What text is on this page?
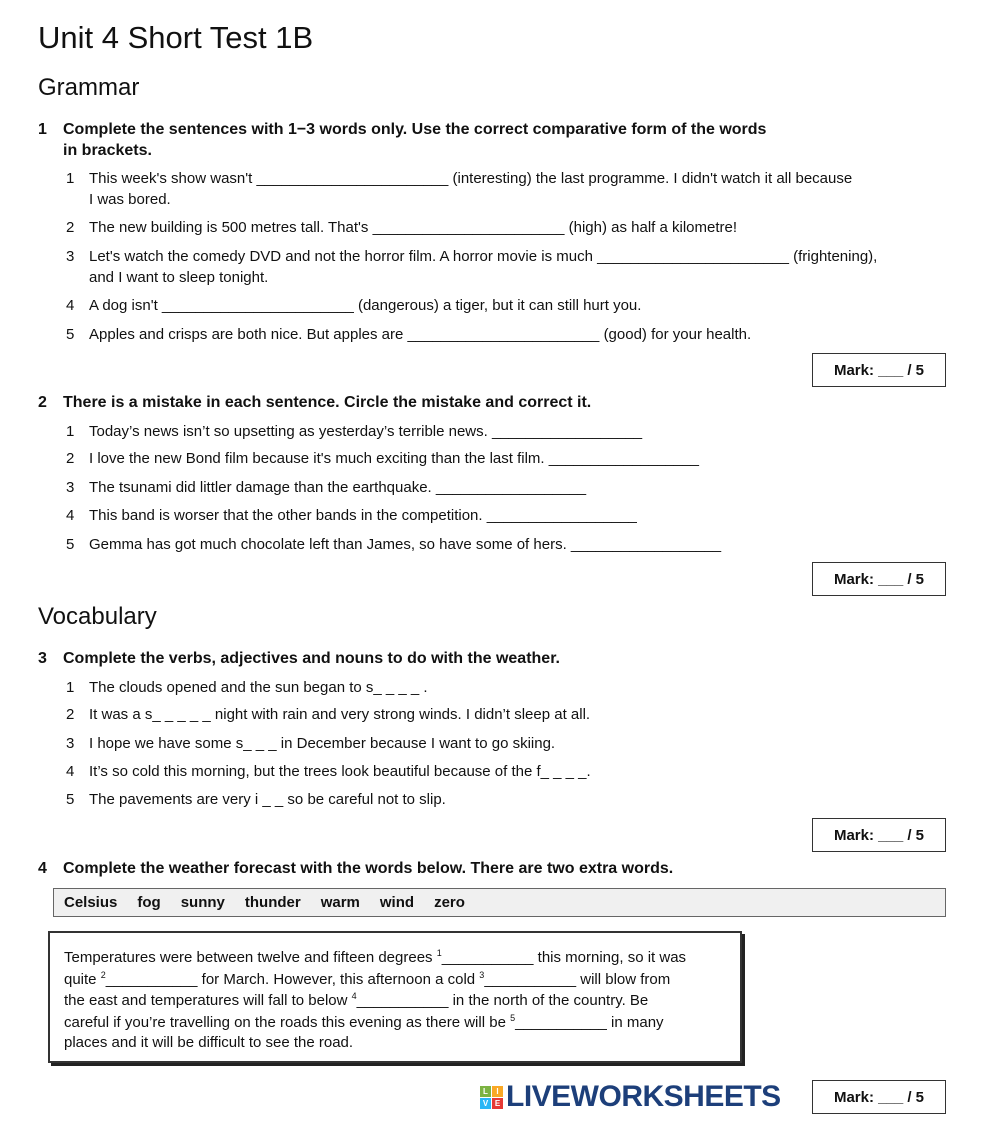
Unit 4 Short Test 1B
Grammar
1 Complete the sentences with 1−3 words only. Use the correct comparative form of the words
in brackets.
1 This week's show wasn't _______________________ (interesting) the last programme. I didn't watch it all because
I was bored.
2 The new building is 500 metres tall. That's _______________________ (high) as half a kilometre!
3 Let's watch the comedy DVD and not the horror film. A horror movie is much _______________________ (frightening),
and I want to sleep tonight.
4 A dog isn't _______________________ (dangerous) a tiger, but it can still hurt you.
5 Apples and crisps are both nice. But apples are _______________________ (good) for your health.
Mark: ___ / 5
2 There is a mistake in each sentence. Circle the mistake and correct it.
1 Today’s news isn’t so upsetting as yesterday’s terrible news. __________________
2 I love the new Bond film because it's much exciting than the last film. __________________
3 The tsunami did littler damage than the earthquake. __________________
4 This band is worser that the other bands in the competition. __________________
5 Gemma has got much chocolate left than James, so have some of hers. __________________
Mark: ___ / 5
Vocabulary
3 Complete the verbs, adjectives and nouns to do with the weather.
1 The clouds opened and the sun began to s_ _ _ _ .
2 It was a s_ _ _ _ _ night with rain and very strong winds. I didn’t sleep at all.
3 I hope we have some s_ _ _ in December because I want to go skiing.
4 It’s so cold this morning, but the trees look beautiful because of the f_ _ _ _.
5 The pavements are very i _ _ so be careful not to slip.
Mark: ___ / 5
4 Complete the weather forecast with the words below. There are two extra words.
Celsius fog sunny thunder warm wind zero
Temperatures were between twelve and fifteen degrees $^1$___________ this morning, so it was
quite $^2$___________ for March. However, this afternoon a cold $^3$___________ will blow from
the east and temperatures will fall to below $^4$___________ in the north of the country. Be
careful if you’re travelling on the roads this evening as there will be $^5$___________ in many
places and it will be difficult to see the road.
Mark: ___ / 5
L	I
V E LIVEWORKSHEETS
